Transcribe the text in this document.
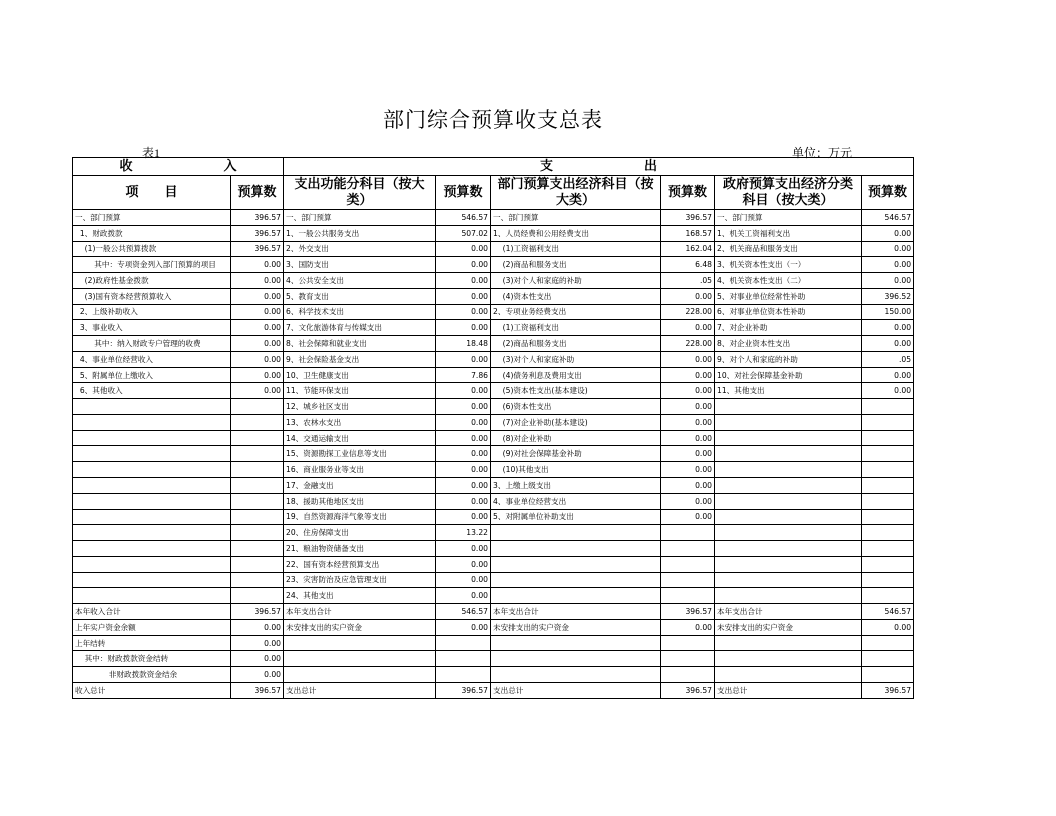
部门综合预算收支总表
表1	单位：万元
收　　　　　　　入		支　　　　　　　出					
项　　目	预算数	支出功能分科目（按大类）	预算数	部门预算支出经济科目（按大类）	预算数	政府预算支出经济分类科目（按大类）	预算数
一、部门预算	396.57	一、部门预算	546.57	一、部门预算	396.57	一、部门预算	546.57
1、财政拨款	396.57	1、一般公共服务支出	507.02	1、人员经费和公用经费支出	168.57	1、机关工资福利支出	0.00
(1)一般公共预算拨款	396.57	2、外交支出	0.00	(1)工资福利支出	162.04	2、机关商品和服务支出	0.00
其中：专项资金列入部门预算的项目	0.00	3、国防支出	0.00	(2)商品和服务支出	6.48	3、机关资本性支出（一）	0.00
(2)政府性基金拨款	0.00	4、公共安全支出	0.00	(3)对个人和家庭的补助	.05	4、机关资本性支出（二）	0.00
(3)国有资本经营预算收入	0.00	5、教育支出	0.00	(4)资本性支出	0.00	5、对事业单位经常性补助	396.52
2、上级补助收入	0.00	6、科学技术支出	0.00	2、专项业务经费支出	228.00	6、对事业单位资本性补助	150.00
3、事业收入	0.00	7、文化旅游体育与传媒支出	0.00	(1)工资福利支出	0.00	7、对企业补助	0.00
其中：纳入财政专户管理的收费	0.00	8、社会保障和就业支出	18.48	(2)商品和服务支出	228.00	8、对企业资本性支出	0.00
4、事业单位经营收入	0.00	9、社会保险基金支出	0.00	(3)对个人和家庭补助	0.00	9、对个人和家庭的补助	.05
5、附属单位上缴收入	0.00	10、卫生健康支出	7.86	(4)债务利息及费用支出	0.00	10、对社会保障基金补助	0.00
6、其他收入	0.00	11、节能环保支出	0.00	(5)资本性支出(基本建设)	0.00	11、其他支出	0.00
		12、城乡社区支出	0.00	(6)资本性支出	0.00		
		13、农林水支出	0.00	(7)对企业补助(基本建设)	0.00		
		14、交通运输支出	0.00	(8)对企业补助	0.00		
		15、资源勘探工业信息等支出	0.00	(9)对社会保障基金补助	0.00		
		16、商业服务业等支出	0.00	(10)其他支出	0.00		
		17、金融支出	0.00	3、上缴上级支出	0.00		
		18、援助其他地区支出	0.00	4、事业单位经营支出	0.00		
		19、自然资源海洋气象等支出	0.00	5、对附属单位补助支出	0.00		
		20、住房保障支出	13.22				
		21、粮油物资储备支出	0.00				
		22、国有资本经营预算支出	0.00				
		23、灾害防治及应急管理支出	0.00				
		24、其他支出	0.00				
本年收入合计	396.57	本年支出合计	546.57	本年支出合计	396.57	本年支出合计	546.57
上年实户资金余额	0.00	未安排支出的实户资金	0.00	未安排支出的实户资金	0.00	未安排支出的实户资金	0.00
上年结转	0.00						
其中：财政拨款资金结转	0.00						
非财政拨款资金结余	0.00						
收入总计	396.57	支出总计	396.57	支出总计	396.57	支出总计	396.57
